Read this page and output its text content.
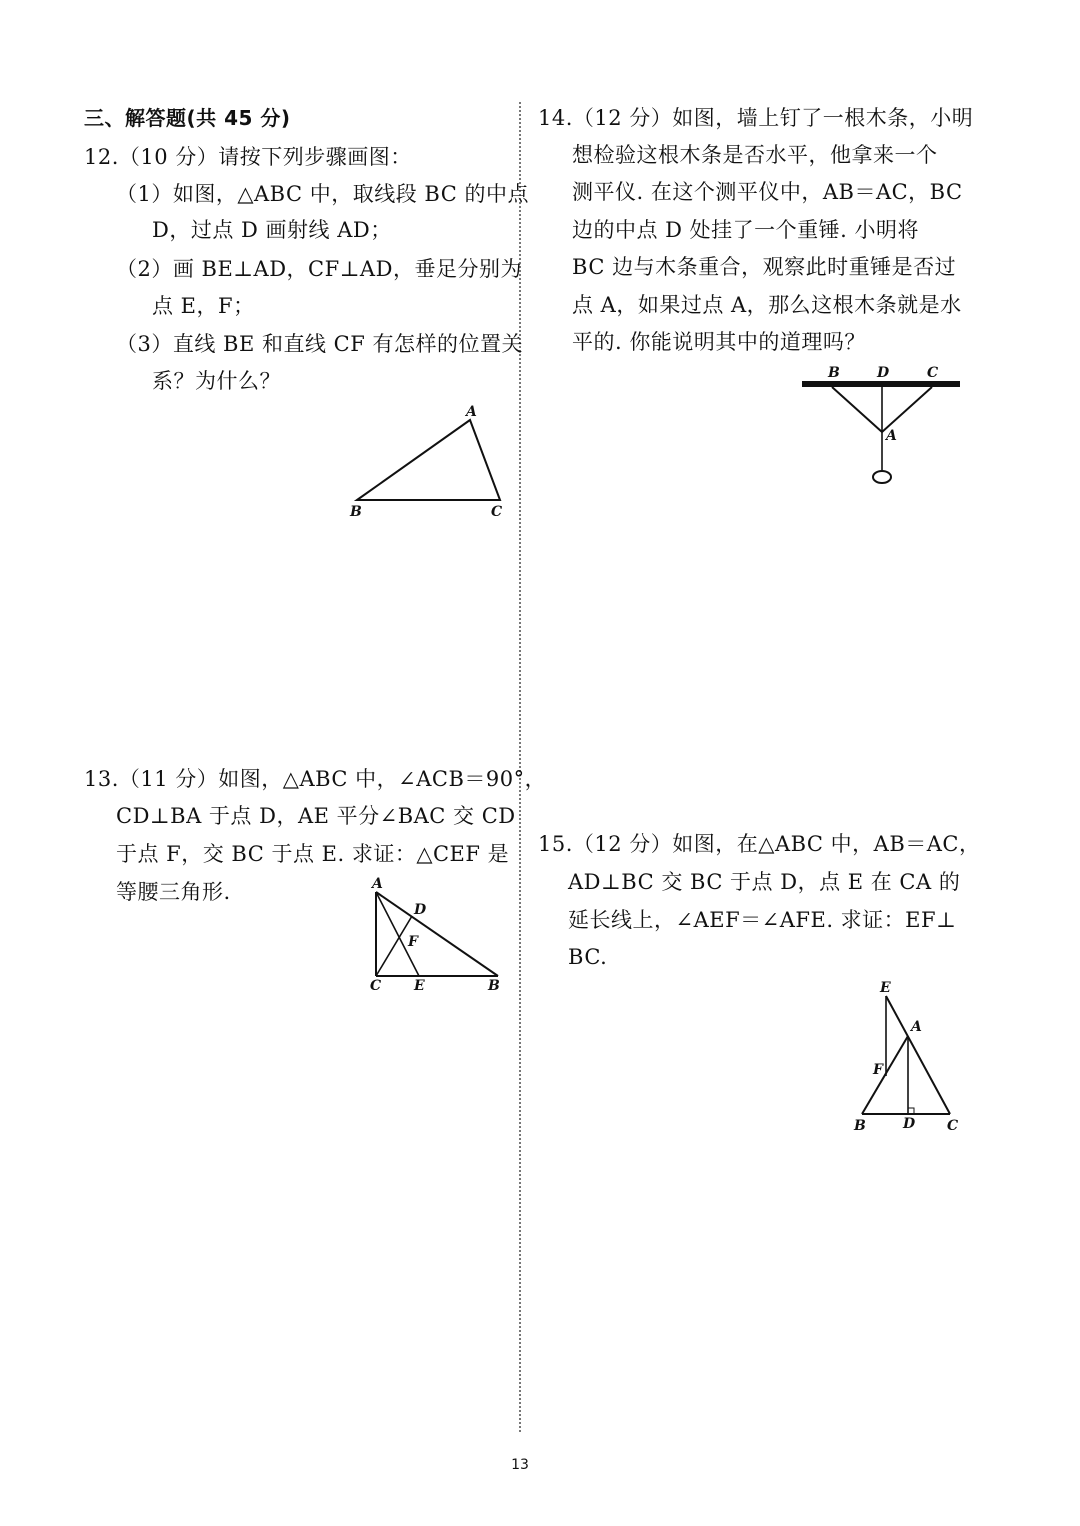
三、解答题(共 45 分)
12.（10 分）请按下列步骤画图：
（1）如图，△ABC 中，取线段 BC 的中点
D，过点 D 画射线 AD；
（2）画 BE⊥AD，CF⊥AD，垂足分别为
点 E，F；
（3）直线 BE 和直线 CF 有怎样的位置关
系？为什么？
A
B	C
13.（11 分）如图，△ABC 中，∠ACB＝90°，
CD⊥BA 于点 D，AE 平分∠BAC 交 CD
于点 F，交 BC 于点 E. 求证：△CEF 是
等腰三角形.	A
D
F
C E	B
14.（12 分）如图，墙上钉了一根木条，小明
想检验这根木条是否水平，他拿来一个
测平仪. 在这个测平仪中，AB＝AC，BC
边的中点 D 处挂了一个重锤. 小明将
BC 边与木条重合，观察此时重锤是否过
点 A，如果过点 A，那么这根木条就是水
平的. 你能说明其中的道理吗？
B	D	C
A
15.（12 分）如图，在△ABC 中，AB＝AC，
AD⊥BC 交 BC 于点 D，点 E 在 CA 的
延长线上，∠AEF＝∠AFE. 求证：EF⊥
BC.
E
A
F
B	D C
13
